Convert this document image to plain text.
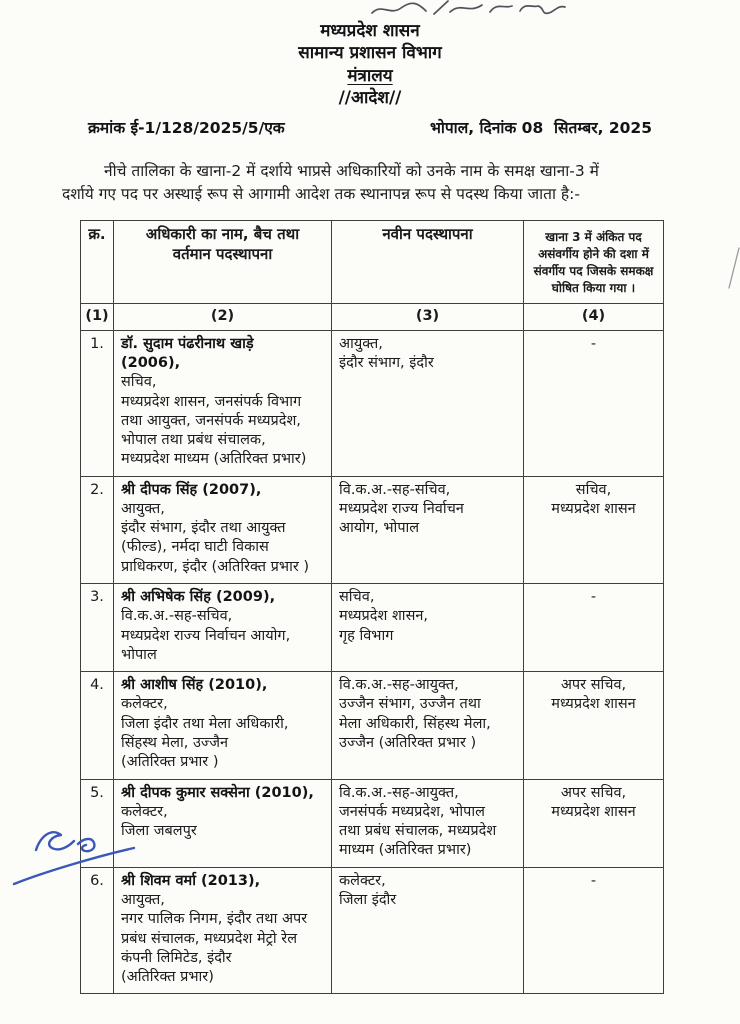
मध्यप्रदेश शासन
सामान्य प्रशासन विभाग
मंत्रालय
//आदेश//
क्रमांक ई-1/128/2025/5/एक	भोपाल, दिनांक 08  सितम्बर, 2025

नीचे तालिका के खाना-2 में दर्शाये भाप्रसे अधिकारियों को उनके नाम के समक्ष खाना-3 में
दर्शाये गए पद पर अस्थाई रूप से आगामी आदेश तक स्थानापन्न रूप से पदस्थ किया जाता है:-

क्र.	अधिकारी का नाम, बैच तथा
वर्तमान पदस्थापना	नवीन पदस्थापना	खाना 3 में अंकित पद
असंवर्गीय होने की दशा में
संवर्गीय पद जिसके समकक्ष
घोषित किया गया ।
(1)	(2)	(3)	(4)
1.	डॉ. सुदाम पंढरीनाथ खाड़े
(2006),
सचिव,
मध्यप्रदेश शासन, जनसंपर्क विभाग
तथा आयुक्त, जनसंपर्क मध्यप्रदेश,
भोपाल तथा प्रबंध संचालक,
मध्यप्रदेश माध्यम (अतिरिक्त प्रभार)
	आयुक्त,
इंदौर संभाग, इंदौर	-
2.	श्री दीपक सिंह (2007),
आयुक्त,
इंदौर संभाग, इंदौर तथा आयुक्त
(फील्ड), नर्मदा घाटी विकास
प्राधिकरण, इंदौर (अतिरिक्त प्रभार )
	वि.क.अ.-सह-सचिव,
मध्यप्रदेश राज्य निर्वाचन
आयोग, भोपाल	सचिव,
मध्यप्रदेश शासन
3.	श्री अभिषेक सिंह (2009),
वि.क.अ.-सह-सचिव,
मध्यप्रदेश राज्य निर्वाचन आयोग,
भोपाल
	सचिव,
मध्यप्रदेश शासन,
गृह विभाग	-
4.	श्री आशीष सिंह (2010),
कलेक्टर,
जिला इंदौर तथा मेला अधिकारी,
सिंहस्थ मेला, उज्जैन
(अतिरिक्त प्रभार )
	वि.क.अ.-सह-आयुक्त,
उज्जैन संभाग, उज्जैन तथा
मेला अधिकारी, सिंहस्थ मेला,
उज्जैन (अतिरिक्त प्रभार )	अपर सचिव,
मध्यप्रदेश शासन
5.	श्री दीपक कुमार सक्सेना (2010),
कलेक्टर,
जिला जबलपुर
	वि.क.अ.-सह-आयुक्त,
जनसंपर्क मध्यप्रदेश, भोपाल
तथा प्रबंध संचालक, मध्यप्रदेश
माध्यम (अतिरिक्त प्रभार)	अपर सचिव,
मध्यप्रदेश शासन
6.	श्री शिवम वर्मा (2013),
आयुक्त,
नगर पालिक निगम, इंदौर तथा अपर
प्रबंध संचालक, मध्यप्रदेश मेट्रो रेल
कंपनी लिमिटेड, इंदौर
(अतिरिक्त प्रभार)
	कलेक्टर,
जिला इंदौर	-
